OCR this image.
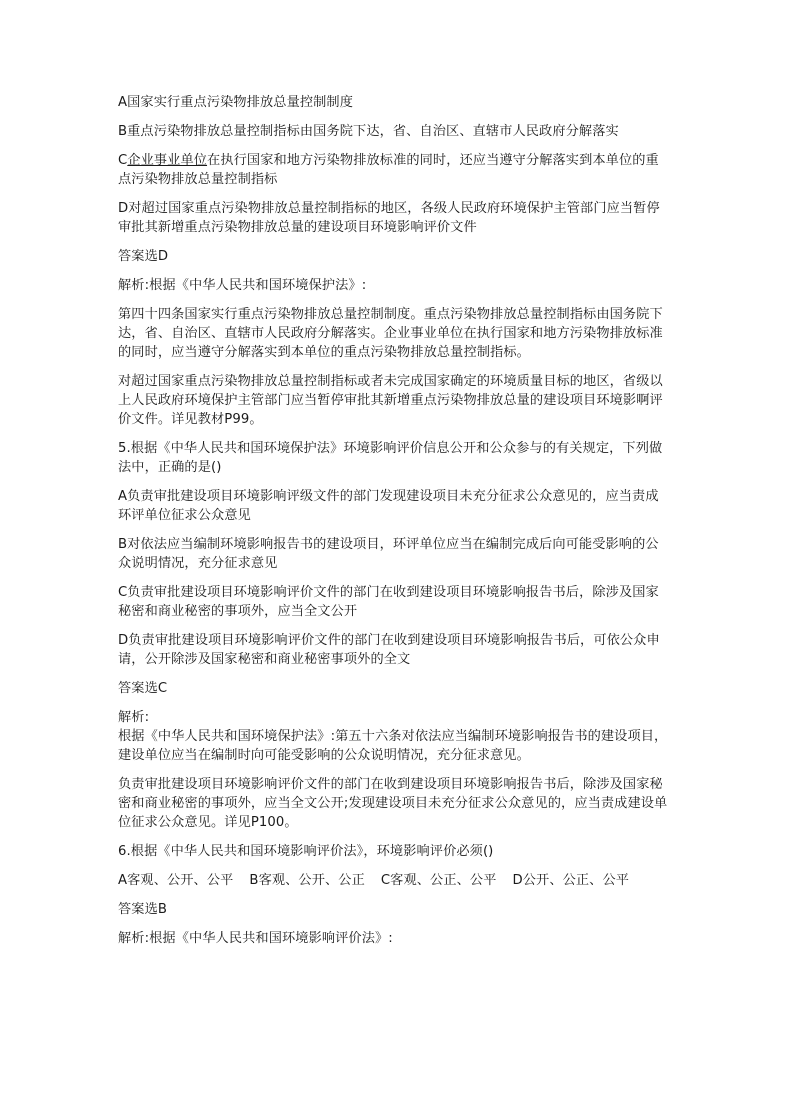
A国家实行重点污染物排放总量控制制度

B重点污染物排放总量控制指标由国务院下达，省、自治区、直辖市人民政府分解落实

C企业事业单位在执行国家和地方污染物排放标准的同时，还应当遵守分解落实到本单位的重点污染物排放总量控制指标

D对超过国家重点污染物排放总量控制指标的地区，各级人民政府环境保护主管部门应当暂停审批其新增重点污染物排放总量的建设项目环境影响评价文件

答案选D

解析:根据《中华人民共和国环境保护法》:

第四十四条国家实行重点污染物排放总量控制制度。重点污染物排放总量控制指标由国务院下达，省、自治区、直辖市人民政府分解落实。企业事业单位在执行国家和地方污染物排放标准的同时，应当遵守分解落实到本单位的重点污染物排放总量控制指标。

对超过国家重点污染物排放总量控制指标或者未完成国家确定的环境质量目标的地区，省级以上人民政府环境保护主管部门应当暂停审批其新增重点污染物排放总量的建设项目环境影啊评价文件。详见教材P99。

5.根据《中华人民共和国环境保护法》环境影响评价信息公开和公众参与的有关规定，下列做法中，正确的是()

A负责审批建设项目环境影响评级文件的部门发现建设项目未充分征求公众意见的，应当责成环评单位征求公众意见

B对依法应当编制环境影响报告书的建设项目，环评单位应当在编制完成后向可能受影响的公众说明情况，充分征求意见

C负责审批建设项目环境影响评价文件的部门在收到建设项目环境影响报告书后，除涉及国家秘密和商业秘密的事项外，应当全文公开

D负责审批建设项目环境影响评价文件的部门在收到建设项目环境影响报告书后，可依公众申请，公开除涉及国家秘密和商业秘密事项外的全文

答案选C

解析:

根据《中华人民共和国环境保护法》:第五十六条对依法应当编制环境影响报告书的建设项目，建设单位应当在编制时向可能受影响的公众说明情况，充分征求意见。

负责审批建设项目环境影响评价文件的部门在收到建设项目环境影响报告书后，除涉及国家秘密和商业秘密的事项外，应当全文公开;发现建设项目未充分征求公众意见的，应当责成建设单位征求公众意见。详见P100。

6.根据《中华人民共和国环境影响评价法》，环境影响评价必须()

A客观、公开、公平 B客观、公开、公正 C客观、公正、公平 D公开、公正、公平

答案选B

解析:根据《中华人民共和国环境影响评价法》:
